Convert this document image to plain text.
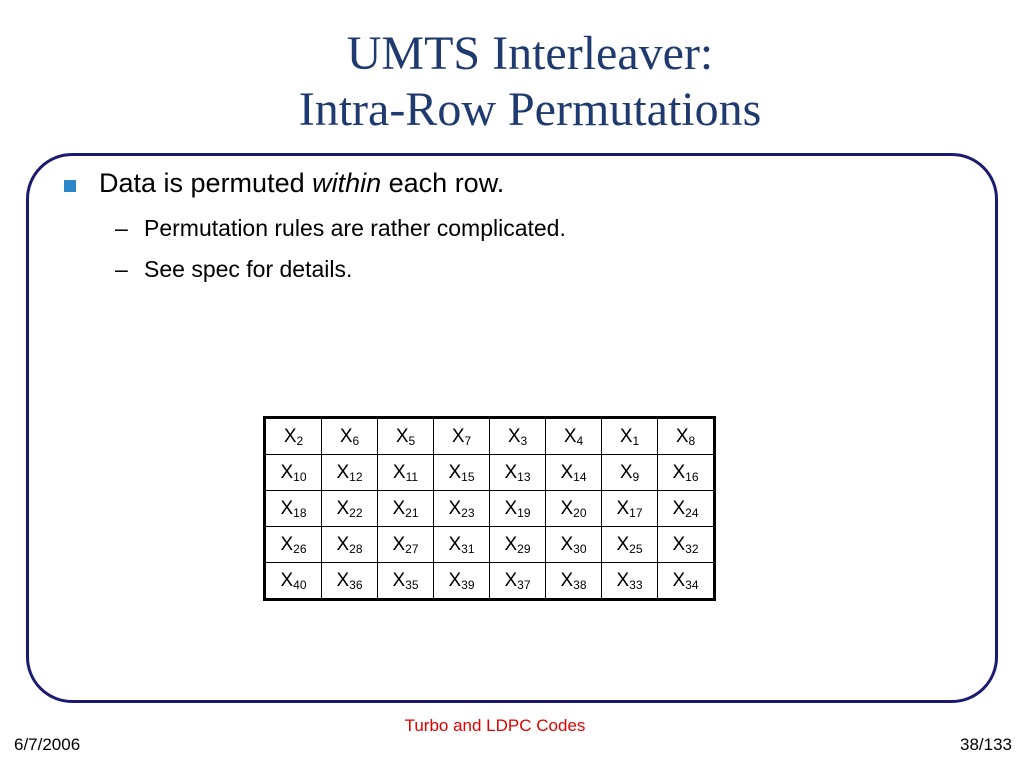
UMTS Interleaver:
Intra-Row Permutations
Data is permuted within each row.
– Permutation rules are rather complicated.
– See spec for details.
$X_2$	$X_6$	$X_5$	$X_7$	$X_3$	$X_4$	$X_1$	$X_8$
$X_{10}$	$X_{12}$	$X_{11}$	$X_{15}$	$X_{13}$	$X_{14}$	$X_9$	$X_{16}$
$X_{18}$	$X_{22}$	$X_{21}$	$X_{23}$	$X_{19}$	$X_{20}$	$X_{17}$	$X_{24}$
$X_{26}$	$X_{28}$	$X_{27}$	$X_{31}$	$X_{29}$	$X_{30}$	$X_{25}$	$X_{32}$
$X_{40}$	$X_{36}$	$X_{35}$	$X_{39}$	$X_{37}$	$X_{38}$	$X_{33}$	$X_{34}$
Turbo and LDPC Codes
6/7/2006	38/133
